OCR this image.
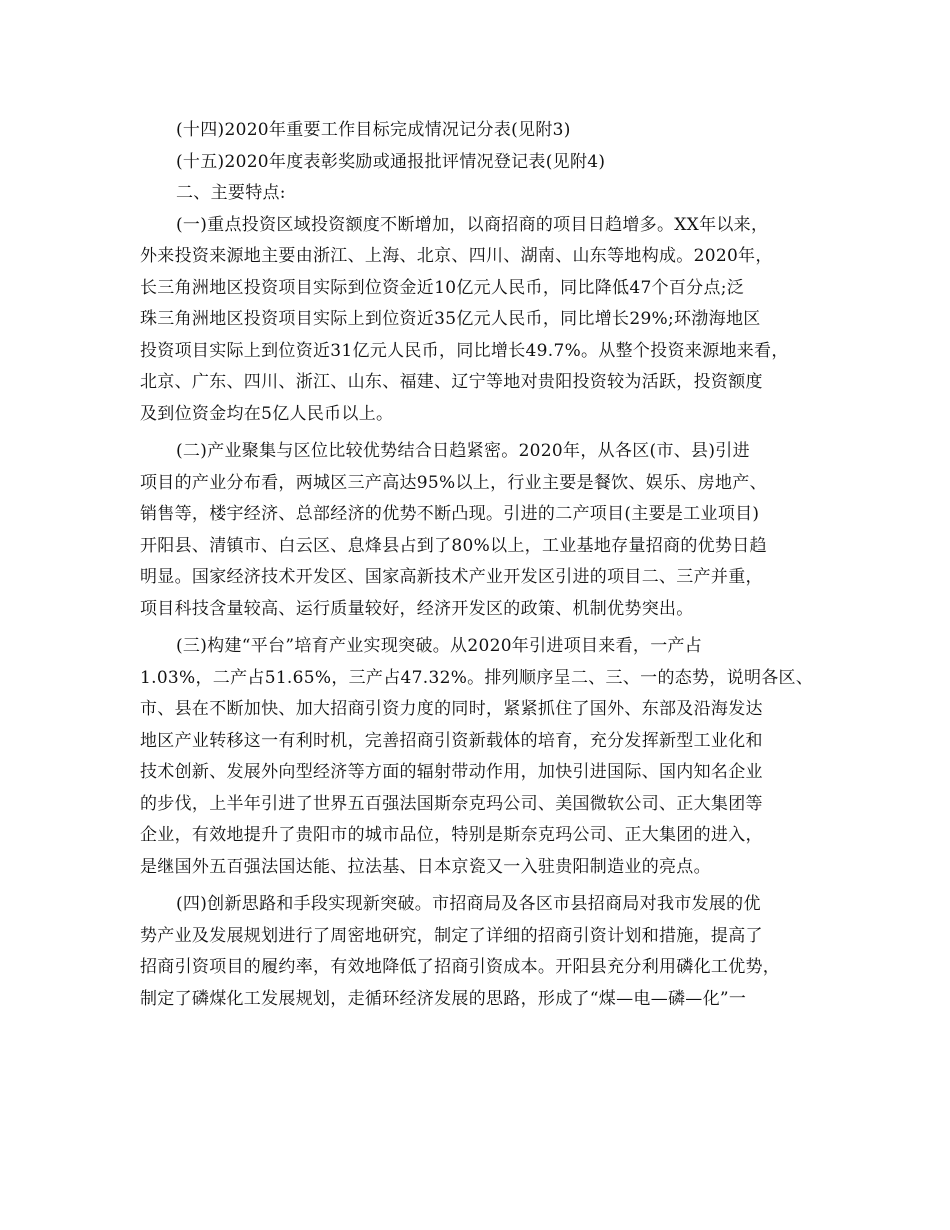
(十四)2020年重要工作目标完成情况记分表(见附3)
(十五)2020年度表彰奖励或通报批评情况登记表(见附4)
二、主要特点:
(一)重点投资区域投资额度不断增加，以商招商的项目日趋增多。XX年以来，
外来投资来源地主要由浙江、上海、北京、四川、湖南、山东等地构成。2020年，
长三角洲地区投资项目实际到位资金近10亿元人民币，同比降低47个百分点;泛
珠三角洲地区投资项目实际上到位资近35亿元人民币，同比增长29%;环渤海地区
投资项目实际上到位资近31亿元人民币，同比增长49.7%。从整个投资来源地来看，
北京、广东、四川、浙江、山东、福建、辽宁等地对贵阳投资较为活跃，投资额度
及到位资金均在5亿人民币以上。
(二)产业聚集与区位比较优势结合日趋紧密。2020年，从各区(市、县)引进
项目的产业分布看，两城区三产高达95%以上，行业主要是餐饮、娱乐、房地产、
销售等，楼宇经济、总部经济的优势不断凸现。引进的二产项目(主要是工业项目)
开阳县、清镇市、白云区、息烽县占到了80%以上，工业基地存量招商的优势日趋
明显。国家经济技术开发区、国家高新技术产业开发区引进的项目二、三产并重，
项目科技含量较高、运行质量较好，经济开发区的政策、机制优势突出。
(三)构建“平台”培育产业实现突破。从2020年引进项目来看，一产占
1.03%，二产占51.65%，三产占47.32%。排列顺序呈二、三、一的态势，说明各区、
市、县在不断加快、加大招商引资力度的同时，紧紧抓住了国外、东部及沿海发达
地区产业转移这一有利时机，完善招商引资新载体的培育，充分发挥新型工业化和
技术创新、发展外向型经济等方面的辐射带动作用，加快引进国际、国内知名企业
的步伐，上半年引进了世界五百强法国斯奈克玛公司、美国微软公司、正大集团等
企业，有效地提升了贵阳市的城市品位，特别是斯奈克玛公司、正大集团的进入，
是继国外五百强法国达能、拉法基、日本京瓷又一入驻贵阳制造业的亮点。
(四)创新思路和手段实现新突破。市招商局及各区市县招商局对我市发展的优
势产业及发展规划进行了周密地研究，制定了详细的招商引资计划和措施，提高了
招商引资项目的履约率，有效地降低了招商引资成本。开阳县充分利用磷化工优势，
制定了磷煤化工发展规划，走循环经济发展的思路，形成了“煤—电—磷—化”一
